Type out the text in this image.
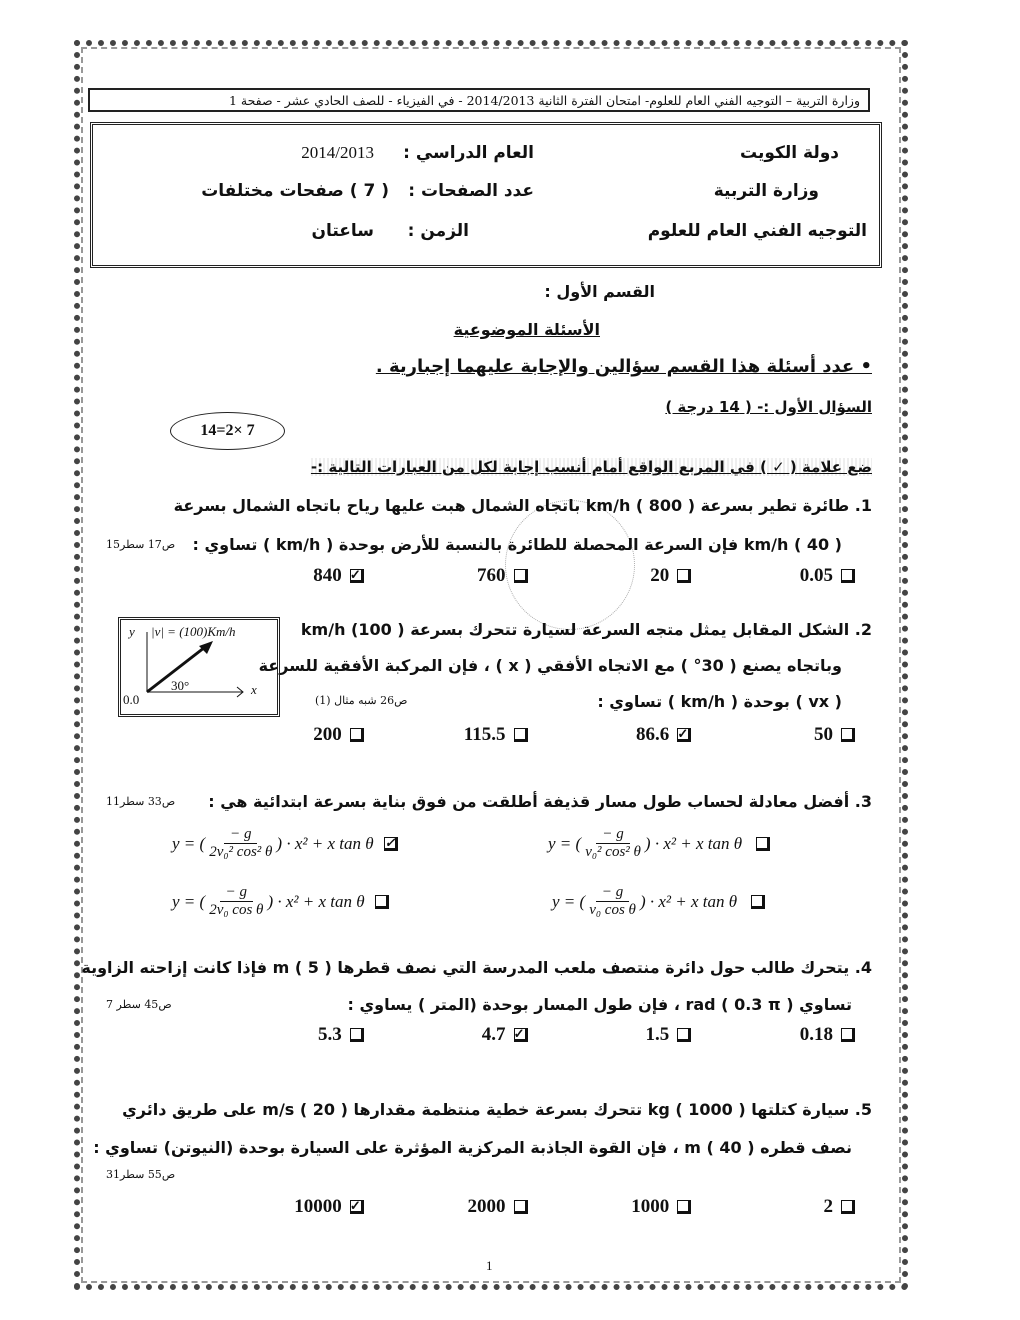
وزارة التربية – التوجيه الفني العام للعلوم- امتحان الفترة الثانية 2014/2013 - في الفيزياء - للصف الحادي عشر - صفحة 1
دولة الكويت
وزارة التربية
التوجيه الفني العام للعلوم
العام الدراسي :
2014/2013
عدد الصفحات :
( 7 ) صفحات مختلفات
الزمن :
ساعتان
القسم الأول :
الأسئلة الموضوعية
• عدد أسئلة هذا القسم سؤالين والإجابة عليهما إجبارية .
السؤال الأول :- ( 14 درجة )
14=2× 7
ضع علامة ( ✓ ) في المربع الواقع أمام أنسب إجابة لكل من العبارات التالية :-
1. طائرة تطير بسرعة km/h ( 800 ) باتجاه الشمال هبت عليها رياح باتجاه الشمال بسرعة
km/h ( 40 ) فإن السرعة المحصلة للطائرة بالنسبة للأرض بوحدة ( km/h ) تساوي :
ص17 سطر15
0.05
20
760
✓
840
2. الشكل المقابل يمثل متجه السرعة لسيارة تتحرك بسرعة km/h (100 )
وباتجاه يصنع ( 30° ) مع الاتجاه الأفقي ( x ) ، فإن المركبة الأفقية للسرعة
( vx ) بوحدة ( km/h ) تساوي :
ص26 شبه مثال (1)
y |v| = (100)Km/h
x
0.0
30°
50
✓
86.6
115.5
200
3. أفضل معادلة لحساب طول مسار قذيفة أطلقت من فوق بناية بسرعة ابتدائية هي :
ص33 سطر11
y = ( $\frac{- g}{\text{v₀² cos² θ}}$ ) · x² + x tan θ
y = ( $\frac{- g}{\text{2v₀² cos² θ}}$ ) · x² + x tan θ ✓
y = ( $\frac{- g}{\text{v₀ cos θ}}$ ) · x² + x tan θ
y = ( $\frac{- g}{\text{2v₀ cos θ}}$ ) · x² + x tan θ
4. يتحرك طالب حول دائرة منتصف ملعب المدرسة التي نصف قطرها m ( 5 ) فإذا كانت إزاحته الزاوية
تساوي rad ( 0.3 π ) ، فإن طول المسار بوحدة (المتر ) يساوي :
ص45 سطر 7
0.18
1.5
✓
4.7
5.3
5. سيارة كتلتها kg ( 1000 ) تتحرك بسرعة خطية منتظمة مقدارها m/s ( 20 ) على طريق دائري
نصف قطره m ( 40 ) ، فإن القوة الجاذبة المركزية المؤثرة على السيارة بوحدة (النيوتن) تساوي :
ص55 سطر31
2
1000
2000
✓
10000
1
